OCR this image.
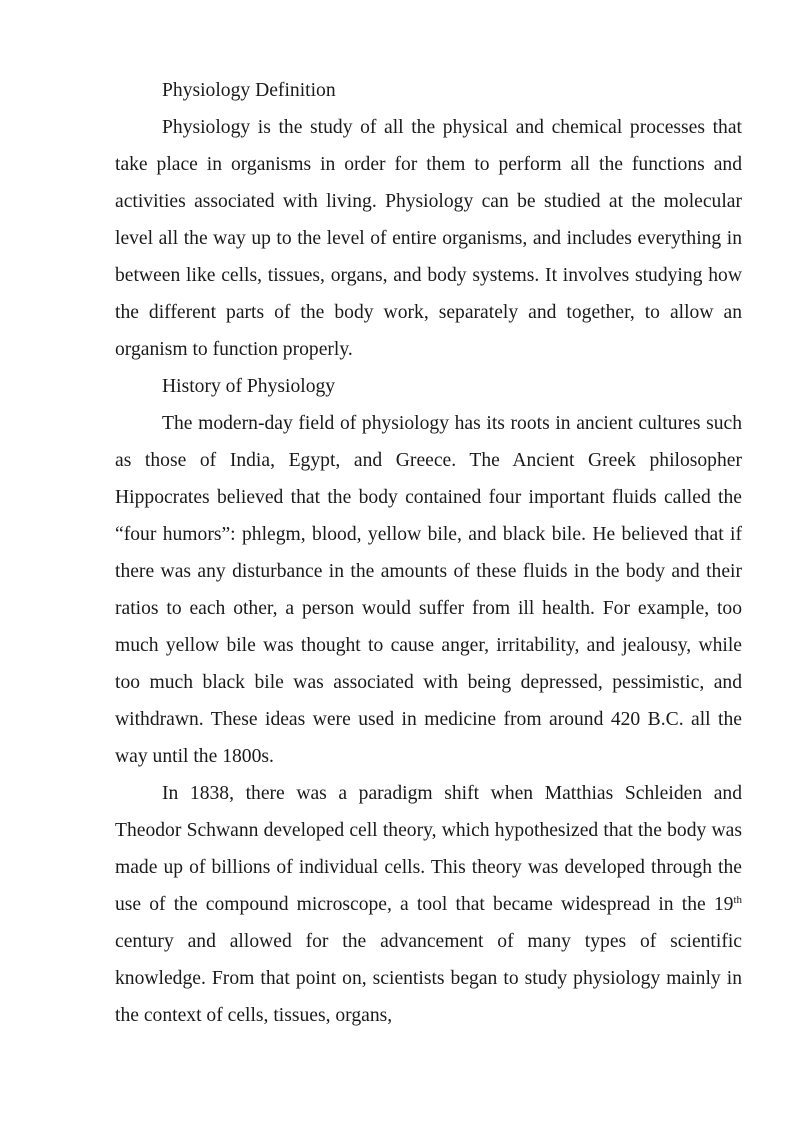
Physiology Definition

Physiology is the study of all the physical and chemical processes that take place in organisms in order for them to perform all the functions and activities associated with living. Physiology can be studied at the molecular level all the way up to the level of entire organisms, and includes everything in between like cells, tissues, organs, and body systems. It involves studying how the different parts of the body work, separately and together, to allow an organism to function properly.

History of Physiology

The modern-day field of physiology has its roots in ancient cultures such as those of India, Egypt, and Greece. The Ancient Greek philosopher Hippocrates believed that the body contained four important fluids called the “four humors”: phlegm, blood, yellow bile, and black bile. He believed that if there was any disturbance in the amounts of these fluids in the body and their ratios to each other, a person would suffer from ill health. For example, too much yellow bile was thought to cause anger, irritability, and jealousy, while too much black bile was associated with being depressed, pessimistic, and withdrawn. These ideas were used in medicine from around 420 B.C. all the way until the 1800s.

In 1838, there was a paradigm shift when Matthias Schleiden and Theodor Schwann developed cell theory, which hypothesized that the body was made up of billions of individual cells. This theory was developed through the use of the compound microscope, a tool that became widespread in the 19th century and allowed for the advancement of many types of scientific knowledge. From that point on, scientists began to study physiology mainly in the context of cells, tissues, organs,
